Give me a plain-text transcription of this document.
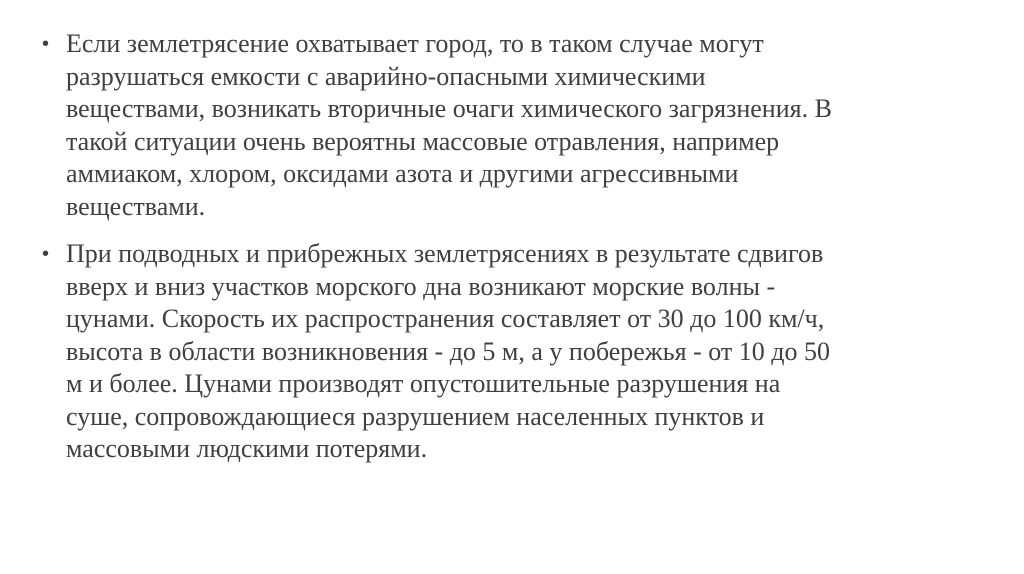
• Если землетрясение охватывает город, то в таком случае могут
разрушаться емкости с аварийно-опасными химическими
веществами, возникать вторичные очаги химического загрязнения. В
такой ситуации очень вероятны массовые отравления, например
аммиаком, хлором, оксидами азота и другими агрессивными
веществами.
• При подводных и прибрежных землетрясениях в результате сдвигов
вверх и вниз участков морского дна возникают морские волны -
цунами. Скорость их распространения составляет от 30 до 100 км/ч,
высота в области возникновения - до 5 м, а у побережья - от 10 до 50
м и более. Цунами производят опустошительные разрушения на
суше, сопровождающиеся разрушением населенных пунктов и
массовыми людскими потерями.
